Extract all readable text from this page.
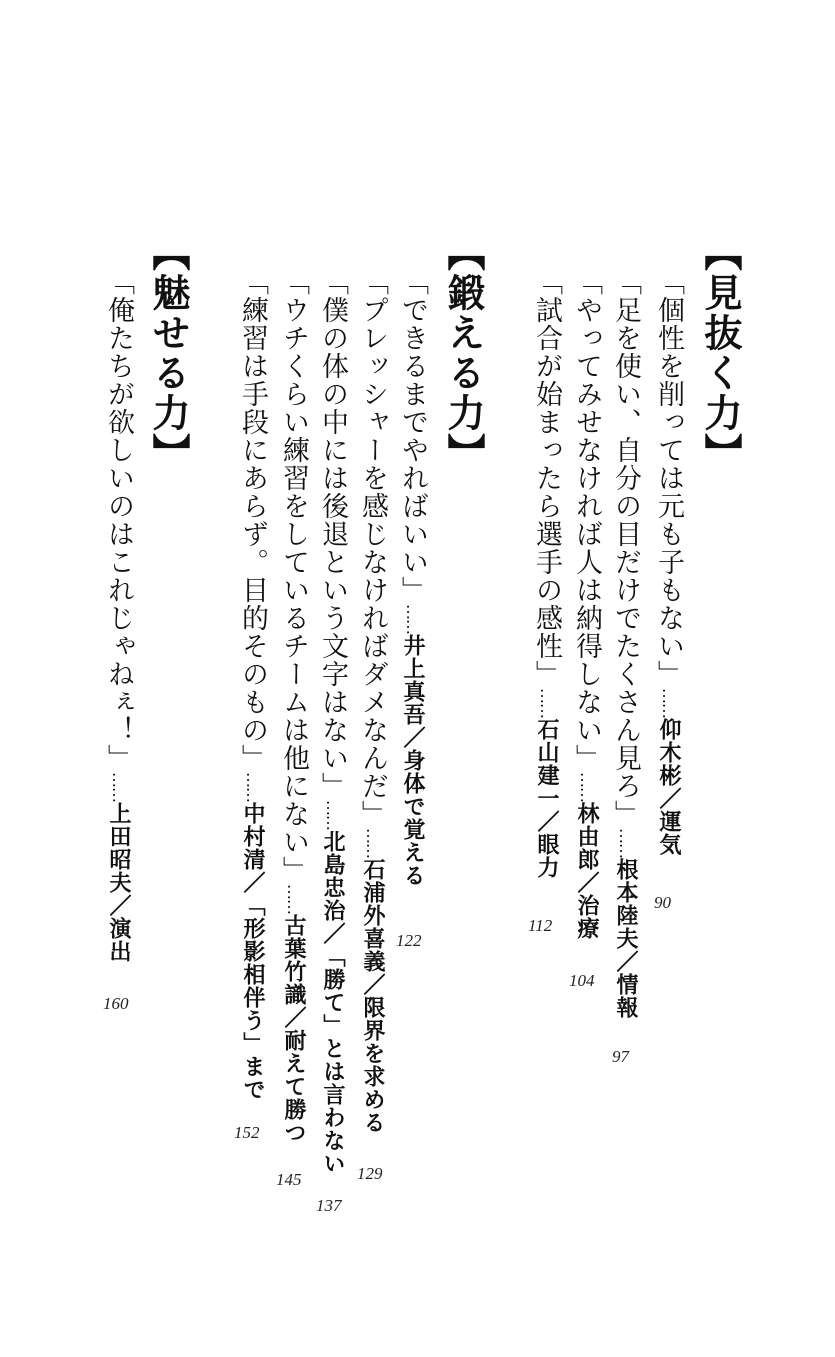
【見抜く力】
「個性を削っては元も子もない」……仰木彬／運気
90
「足を使い、自分の目だけでたくさん見ろ」……根本陸夫／情報
97
「やってみせなければ人は納得しない」……林由郎／治療
104
「試合が始まったら選手の感性」……石山建一／眼力
112
【鍛える力】
「できるまでやればいい」……井上真吾／身体で覚える
122
「プレッシャーを感じなければダメなんだ」……石浦外喜義／限界を求める
129
「僕の体の中には後退という文字はない」……北島忠治／「勝て」とは言わない
137
「ウチくらい練習をしているチームは他にない」……古葉竹識／耐えて勝つ
145
「練習は手段にあらず。目的そのもの」……中村清／「形影相伴う」まで
152
【魅せる力】
「俺たちが欲しいのはこれじゃねぇ！」……上田昭夫／演出
160
